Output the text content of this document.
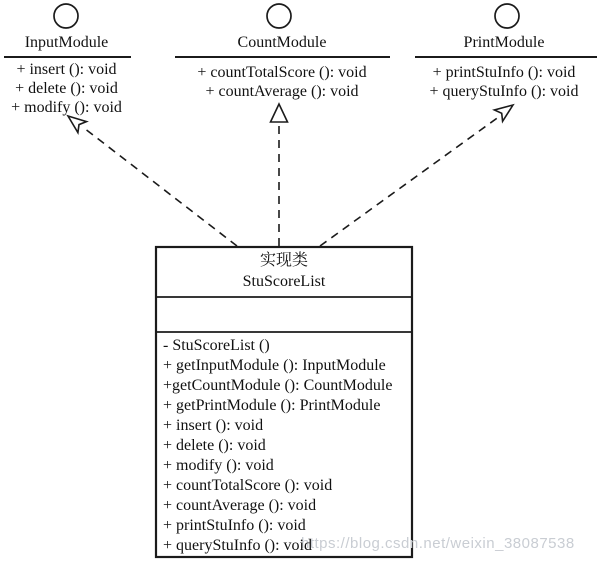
https://blog.csdn.net/weixin_38087538
InputModule
+ insert (): void
+ delete (): void
+ modify (): void
CountModule
+ countTotalScore (): void
+ countAverage (): void
PrintModule
+ printStuInfo (): void
+ queryStuInfo (): void
实现类
StuScoreList
- StuScoreList ()
+ getInputModule (): InputModule
+getCountModule (): CountModule
+ getPrintModule (): PrintModule
+ insert (): void
+ delete (): void
+ modify (): void
+ countTotalScore (): void
+ countAverage (): void
+ printStuInfo (): void
+ queryStuInfo (): void
